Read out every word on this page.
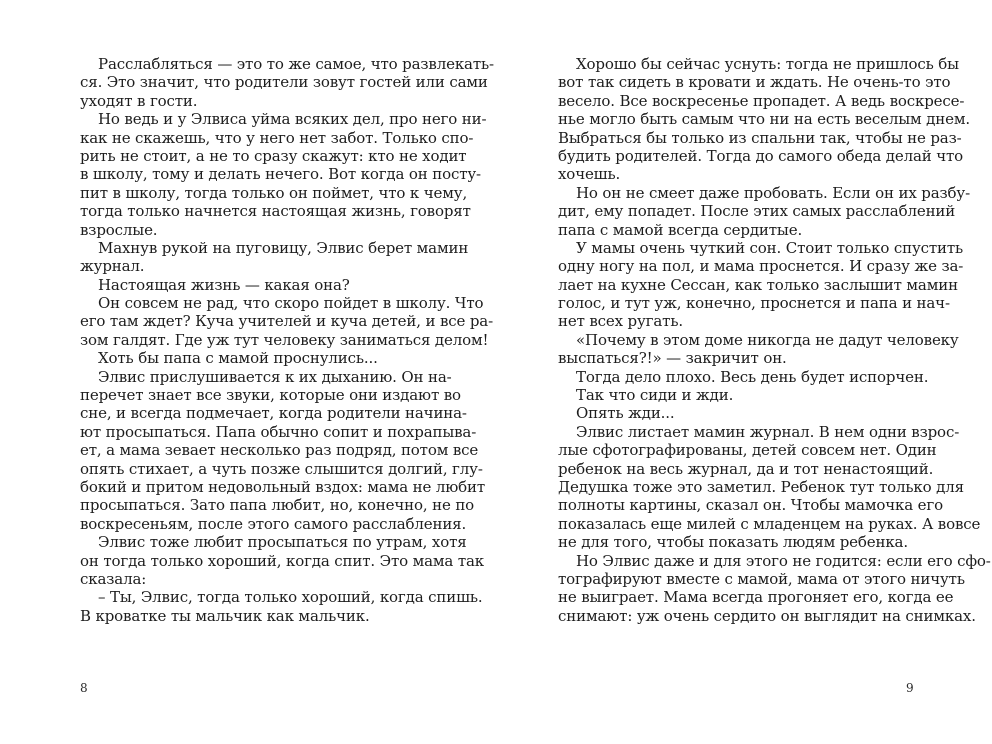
Расслабляться — это то же самое, что развлекать-
ся. Это значит, что родители зовут гостей или сами
уходят в гости.
Но ведь и у Элвиса уйма всяких дел, про него ни-
как не скажешь, что у него нет забот. Только спо-
рить не стоит, а не то сразу скажут: кто не ходит
в школу, тому и делать нечего. Вот когда он посту-
пит в школу, тогда только он поймет, что к чему,
тогда только начнется настоящая жизнь, говорят
взрослые.
Махнув рукой на пуговицу, Элвис берет мамин
журнал.
Настоящая жизнь — какая она?
Он совсем не рад, что скоро пойдет в школу. Что
его там ждет? Куча учителей и куча детей, и все ра-
зом галдят. Где уж тут человеку заниматься делом!
Хоть бы папа с мамой проснулись...
Элвис прислушивается к их дыханию. Он на-
перечет знает все звуки, которые они издают во
сне, и всегда подмечает, когда родители начина-
ют просыпаться. Папа обычно сопит и похрапыва-
ет, а мама зевает несколько раз подряд, потом все
опять стихает, а чуть позже слышится долгий, глу-
бокий и притом недовольный вздох: мама не любит
просыпаться. Зато папа любит, но, конечно, не по
воскресеньям, после этого самого расслабления.
Элвис тоже любит просыпаться по утрам, хотя
он тогда только хороший, когда спит. Это мама так
сказала:
– Ты, Элвис, тогда только хороший, когда спишь.
В кроватке ты мальчик как мальчик.
Хорошо бы сейчас уснуть: тогда не пришлось бы
вот так сидеть в кровати и ждать. Не очень-то это
весело. Все воскресенье пропадет. А ведь воскресе-
нье могло быть самым что ни на есть веселым днем.
Выбраться бы только из спальни так, чтобы не раз-
будить родителей. Тогда до самого обеда делай что
хочешь.
Но он не смеет даже пробовать. Если он их разбу-
дит, ему попадет. После этих самых расслаблений
папа с мамой всегда сердитые.
У мамы очень чуткий сон. Стоит только спустить
одну ногу на пол, и мама проснется. И сразу же за-
лает на кухне Сессан, как только заслышит мамин
голос, и тут уж, конечно, проснется и папа и нач-
нет всех ругать.
«Почему в этом доме никогда не дадут человеку
выспаться?!» — закричит он.
Тогда дело плохо. Весь день будет испорчен.
Так что сиди и жди.
Опять жди...
Элвис листает мамин журнал. В нем одни взрос-
лые сфотографированы, детей совсем нет. Один
ребенок на весь журнал, да и тот ненастоящий.
Дедушка тоже это заметил. Ребенок тут только для
полноты картины, сказал он. Чтобы мамочка его
показалась еще милей с младенцем на руках. А вовсе
не для того, чтобы показать людям ребенка.
Но Элвис даже и для этого не годится: если его сфо-
тографируют вместе с мамой, мама от этого ничуть
не выиграет. Мама всегда прогоняет его, когда ее
снимают: уж очень сердито он выглядит на снимках.
8	9
